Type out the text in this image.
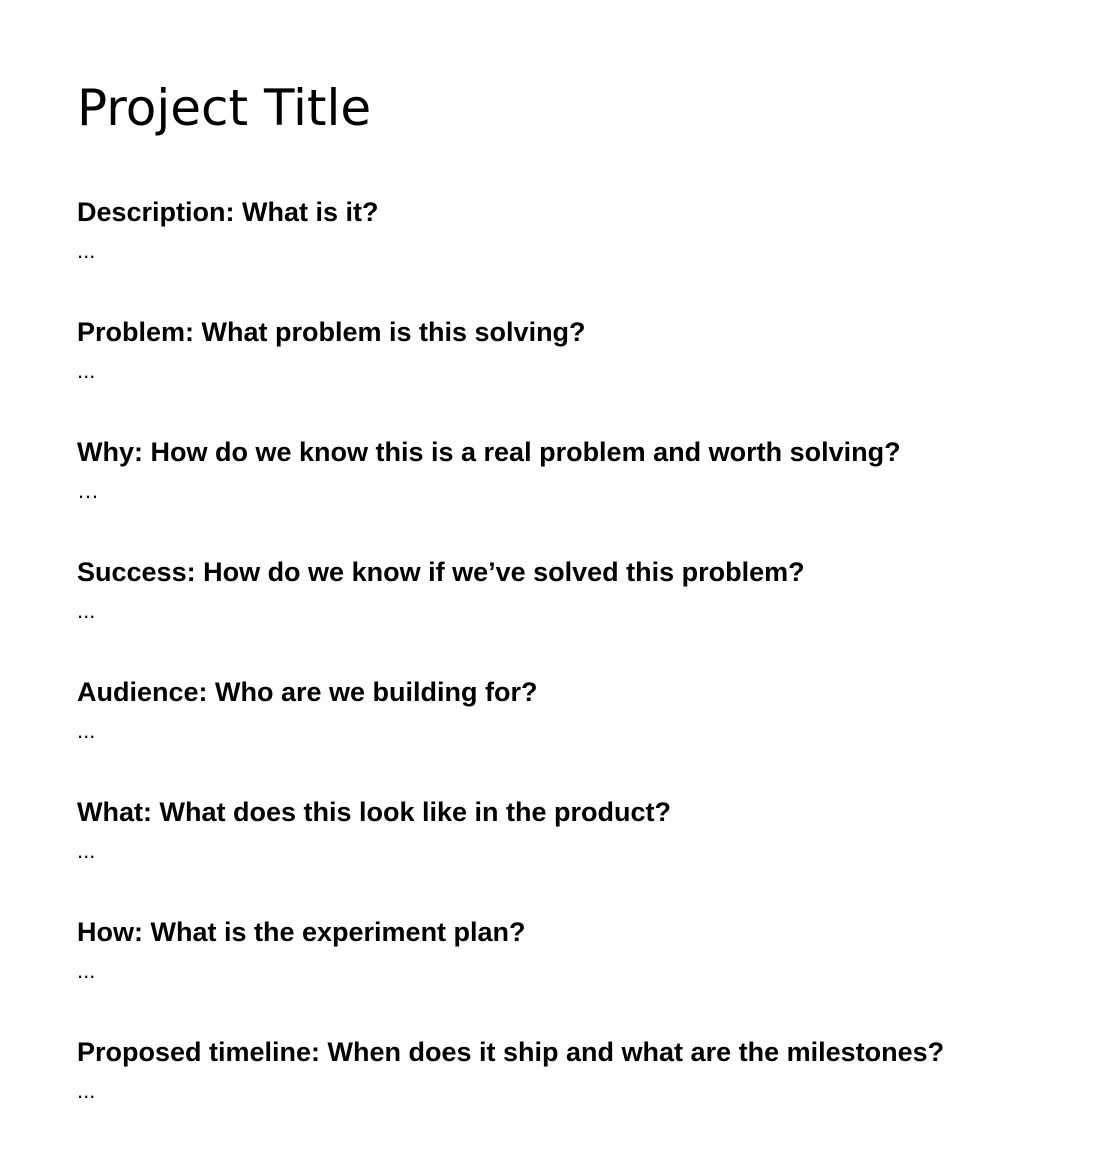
Project Title

Description: What is it?

...

Problem: What problem is this solving?

...

Why: How do we know this is a real problem and worth solving?

…

Success: How do we know if we’ve solved this problem?

...

Audience: Who are we building for?

...

What: What does this look like in the product?

...

How: What is the experiment plan?

...

Proposed timeline: When does it ship and what are the milestones?

...
